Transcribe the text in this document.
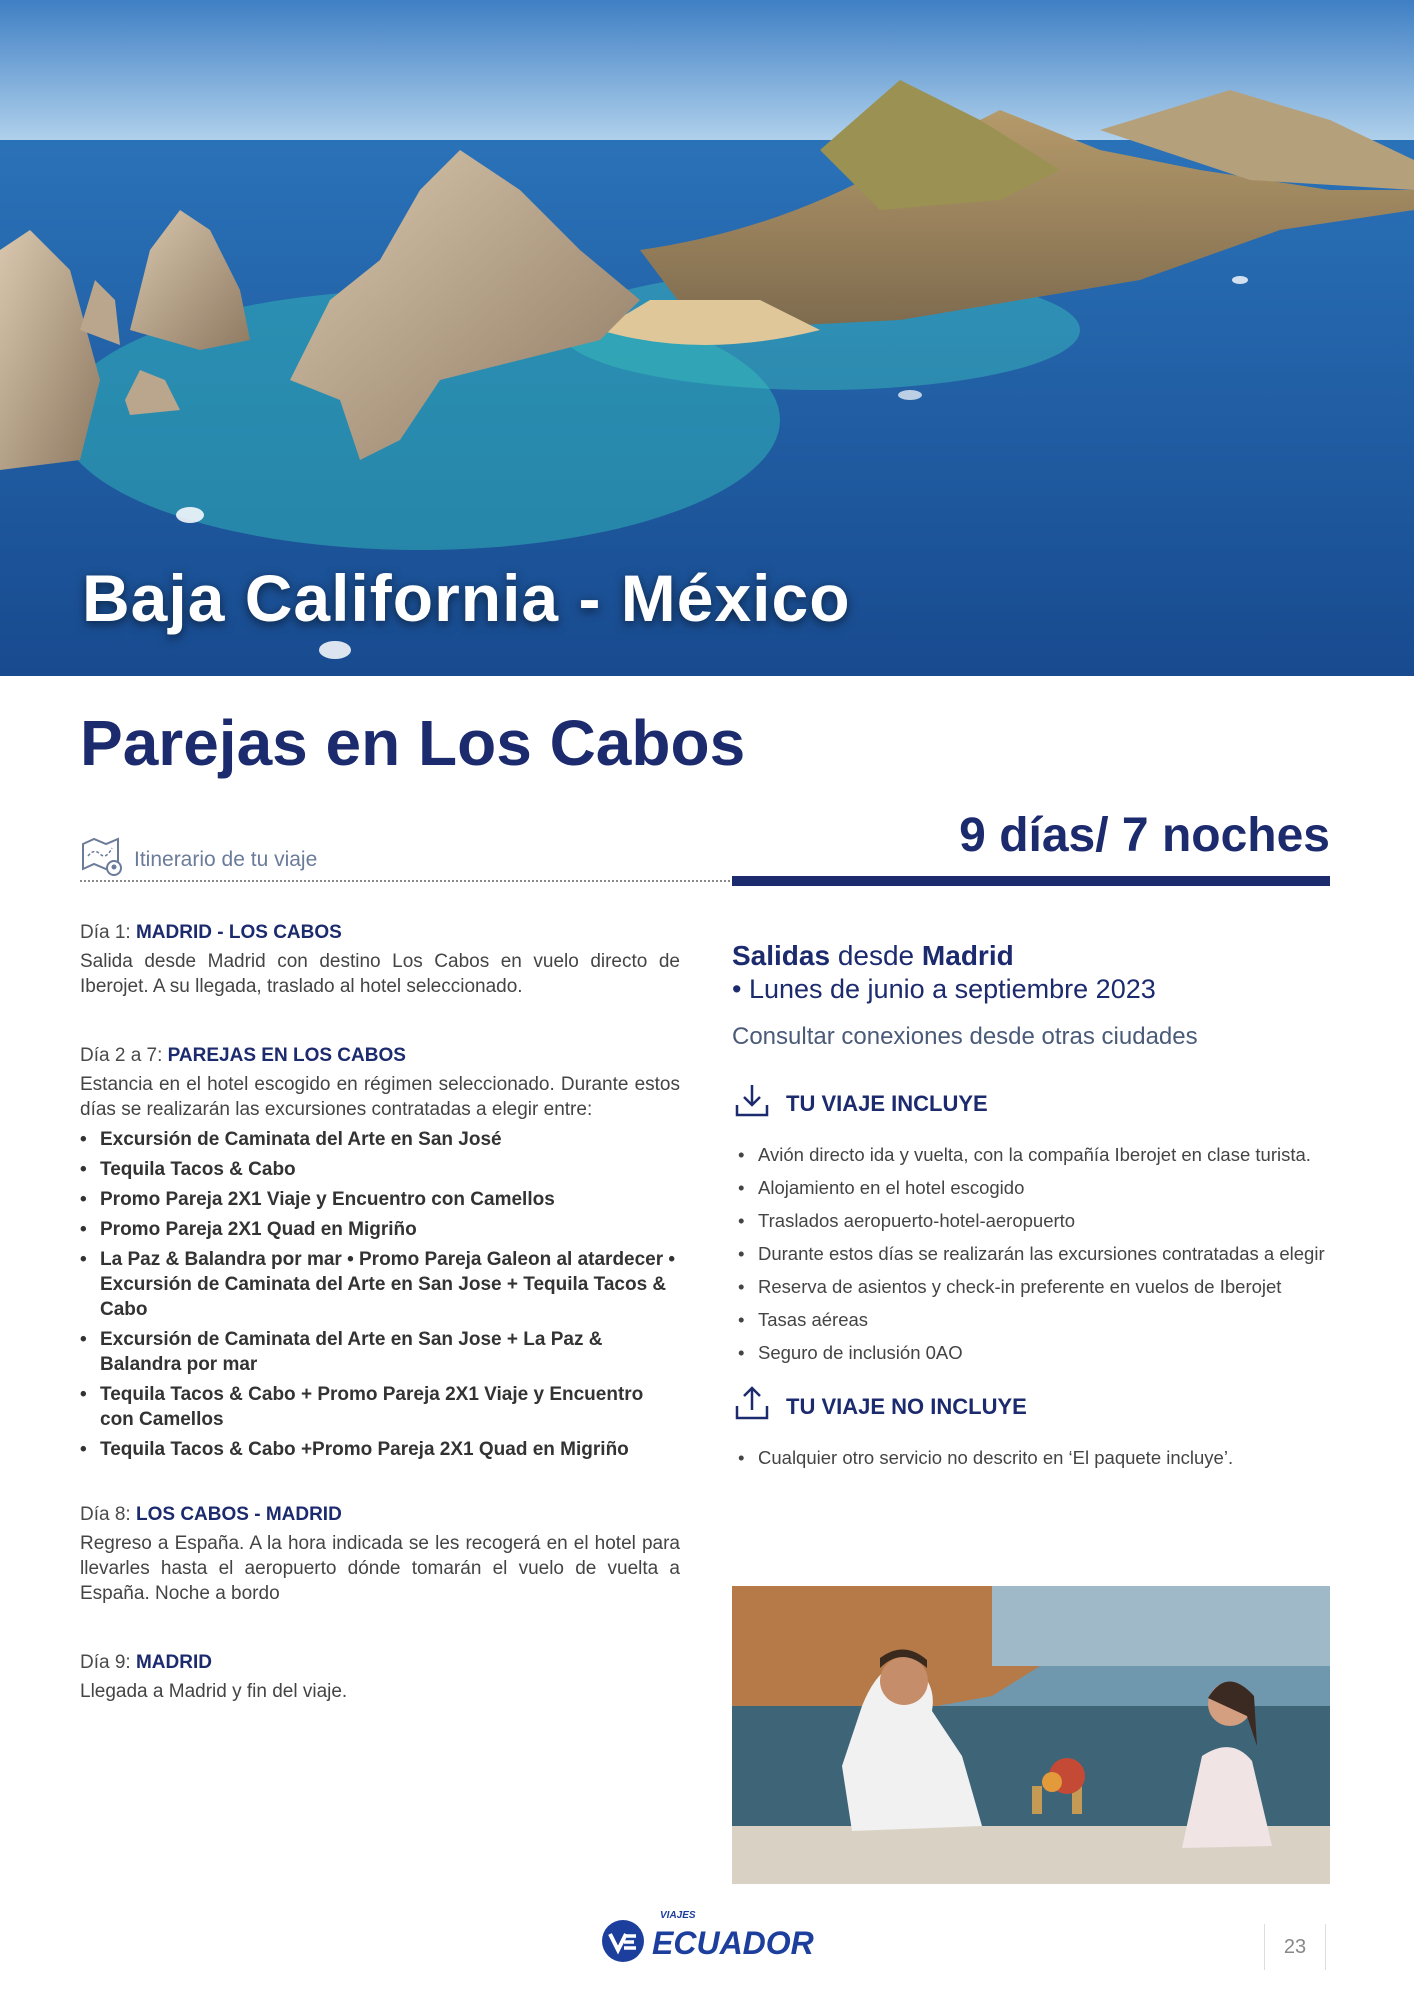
Baja California - México
Parejas en Los Cabos
Itinerario de tu viaje	9 días/ 7 noches
Día 1: MADRID - LOS CABOS

Salida desde Madrid con destino Los Cabos en vuelo directo de Iberojet. A su llegada, traslado al hotel seleccionado.

Día 2 a 7: PAREJAS EN LOS CABOS

Estancia en el hotel escogido en régimen seleccionado. Durante estos días se realizarán las excursiones contratadas a elegir entre:

• Excursión de Caminata del Arte en San José
• Tequila Tacos & Cabo
• Promo Pareja 2X1 Viaje y Encuentro con Camellos
• Promo Pareja 2X1 Quad en Migriño
• La Paz & Balandra por mar • Promo Pareja Galeon al atardecer • Excursión de Caminata del Arte en San Jose + Tequila Tacos & Cabo
• Excursión de Caminata del Arte en San Jose + La Paz & Balandra por mar
• Tequila Tacos & Cabo + Promo Pareja 2X1 Viaje y Encuentro con Camellos
• Tequila Tacos & Cabo +Promo Pareja 2X1 Quad en Migriño
Día 8: LOS CABOS - MADRID

Regreso a España. A la hora indicada se les recogerá en el hotel para llevarles hasta el aeropuerto dónde tomarán el vuelo de vuelta a España. Noche a bordo

Día 9: MADRID

Llegada a Madrid y fin del viaje.

Salidas desde Madrid
• Lunes de junio a septiembre 2023
Consultar conexiones desde otras ciudades
TU VIAJE INCLUYE
• Avión directo ida y vuelta, con la compañía Iberojet en clase turista.
• Alojamiento en el hotel escogido
• Traslados aeropuerto-hotel-aeropuerto
• Durante estos días se realizarán las excursiones contratadas a elegir
• Reserva de asientos y check-in preferente en vuelos de Iberojet
• Tasas aéreas
• Seguro de inclusión 0AO
TU VIAJE NO INCLUYE
• Cualquier otro servicio no descrito en ‘El paquete incluye’.
VIAJES
ECUADOR	23
